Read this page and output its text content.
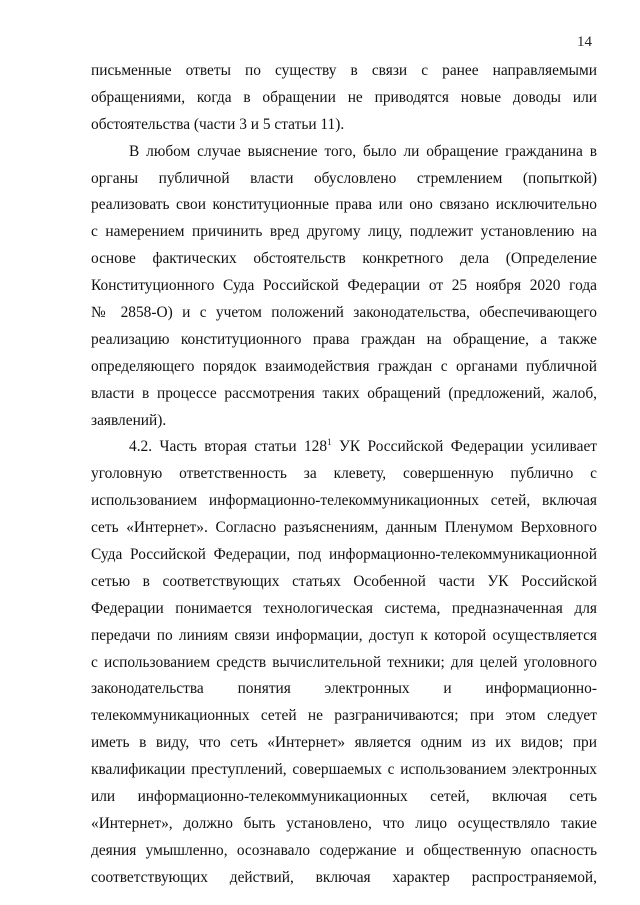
14
письменные ответы по существу в связи с ранее направляемыми
обращениями, когда в обращении не приводятся новые доводы или
обстоятельства (части 3 и 5 статьи 11).
В любом случае выяснение того, было ли обращение гражданина в
органы публичной власти обусловлено стремлением (попыткой)
реализовать свои конституционные права или оно связано исключительно
с намерением причинить вред другому лицу, подлежит установлению на
основе фактических обстоятельств конкретного дела (Определение
Конституционного Суда Российской Федерации от 25 ноября 2020 года
№ 2858-О) и с учетом положений законодательства, обеспечивающего
реализацию конституционного права граждан на обращение, а также
определяющего порядок взаимодействия граждан с органами публичной
власти в процессе рассмотрения таких обращений (предложений, жалоб,
заявлений).
4.2. Часть вторая статьи $128^1$ УК Российской Федерации усиливает
уголовную ответственность за клевету, совершенную публично с
использованием информационно-телекоммуникационных сетей, включая
сеть «Интернет». Согласно разъяснениям, данным Пленумом Верховного
Суда Российской Федерации, под информационно-телекоммуникационной
сетью в соответствующих статьях Особенной части УК Российской
Федерации понимается технологическая система, предназначенная для
передачи по линиям связи информации, доступ к которой осуществляется
с использованием средств вычислительной техники; для целей уголовного
законодательства понятия электронных и информационно-
телекоммуникационных сетей не разграничиваются; при этом следует
иметь в виду, что сеть «Интернет» является одним из их видов; при
квалификации преступлений, совершаемых с использованием электронных
или информационно-телекоммуникационных сетей, включая сеть
«Интернет», должно быть установлено, что лицо осуществляло такие
деяния умышленно, осознавало содержание и общественную опасность
соответствующих действий, включая характер распространяемой,
